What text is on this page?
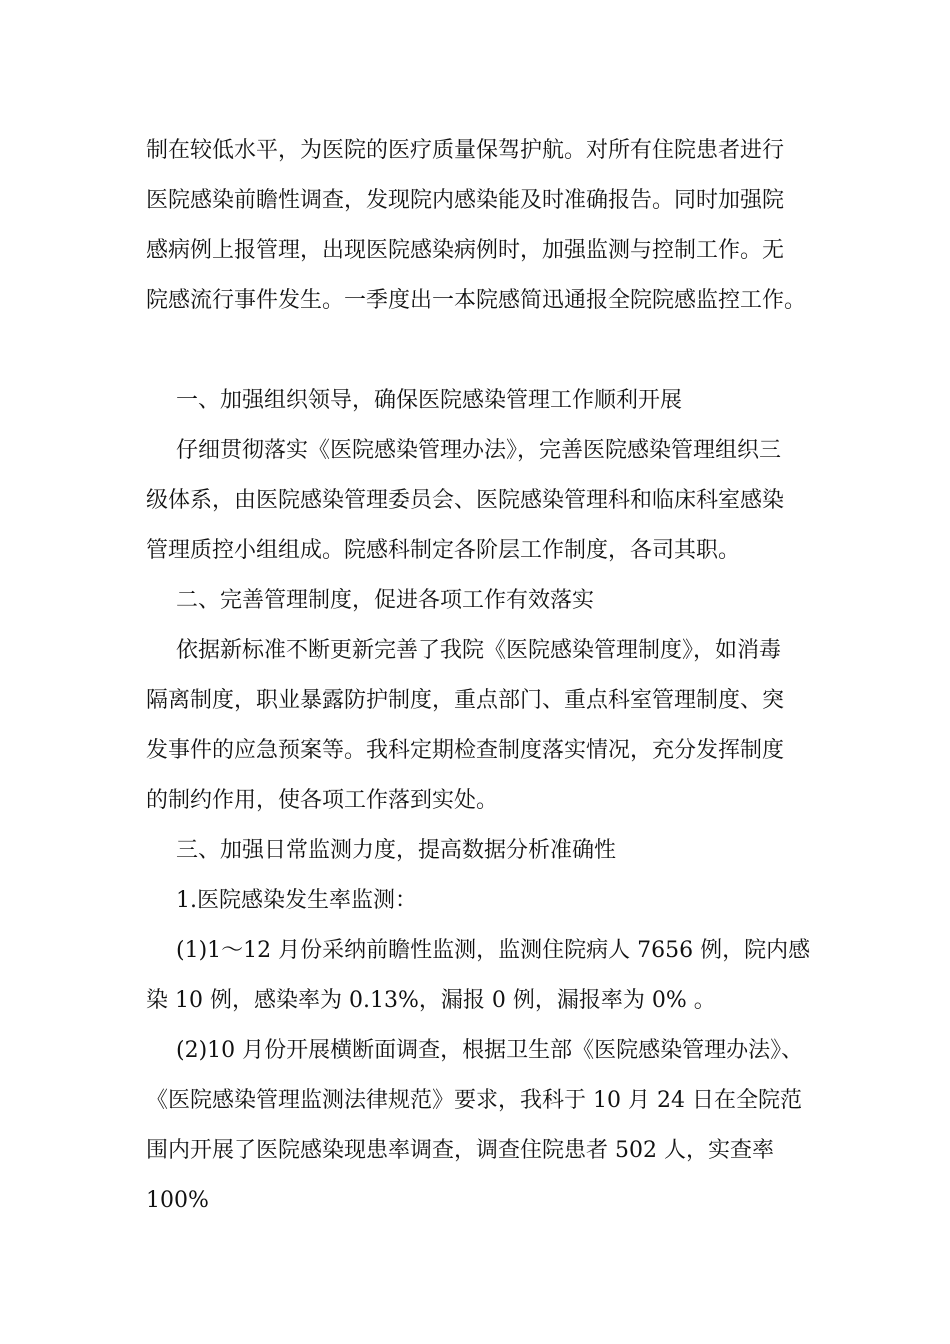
制在较低水平，为医院的医疗质量保驾护航。对所有住院患者进行
医院感染前瞻性调查，发现院内感染能及时准确报告。同时加强院
感病例上报管理，出现医院感染病例时，加强监测与控制工作。无
院感流行事件发生。一季度出一本院感简迅通报全院院感监控工作。
一、加强组织领导，确保医院感染管理工作顺利开展
仔细贯彻落实《医院感染管理办法》，完善医院感染管理组织三
级体系，由医院感染管理委员会、医院感染管理科和临床科室感染
管理质控小组组成。院感科制定各阶层工作制度，各司其职。
二、完善管理制度，促进各项工作有效落实
依据新标准不断更新完善了我院《医院感染管理制度》，如消毒
隔离制度，职业暴露防护制度，重点部门、重点科室管理制度、突
发事件的应急预案等。我科定期检查制度落实情况，充分发挥制度
的制约作用，使各项工作落到实处。
三、加强日常监测力度，提高数据分析准确性
1.医院感染发生率监测：
(1)1～12 月份采纳前瞻性监测，监测住院病人 7656 例，院内感
染 10 例，感染率为 0.13%，漏报 0 例，漏报率为 0% 。
(2)10 月份开展横断面调查，根据卫生部《医院感染管理办法》、
《医院感染管理监测法律规范》要求，我科于 10 月 24 日在全院范
围内开展了医院感染现患率调查，调查住院患者 502 人，实查率
100%
